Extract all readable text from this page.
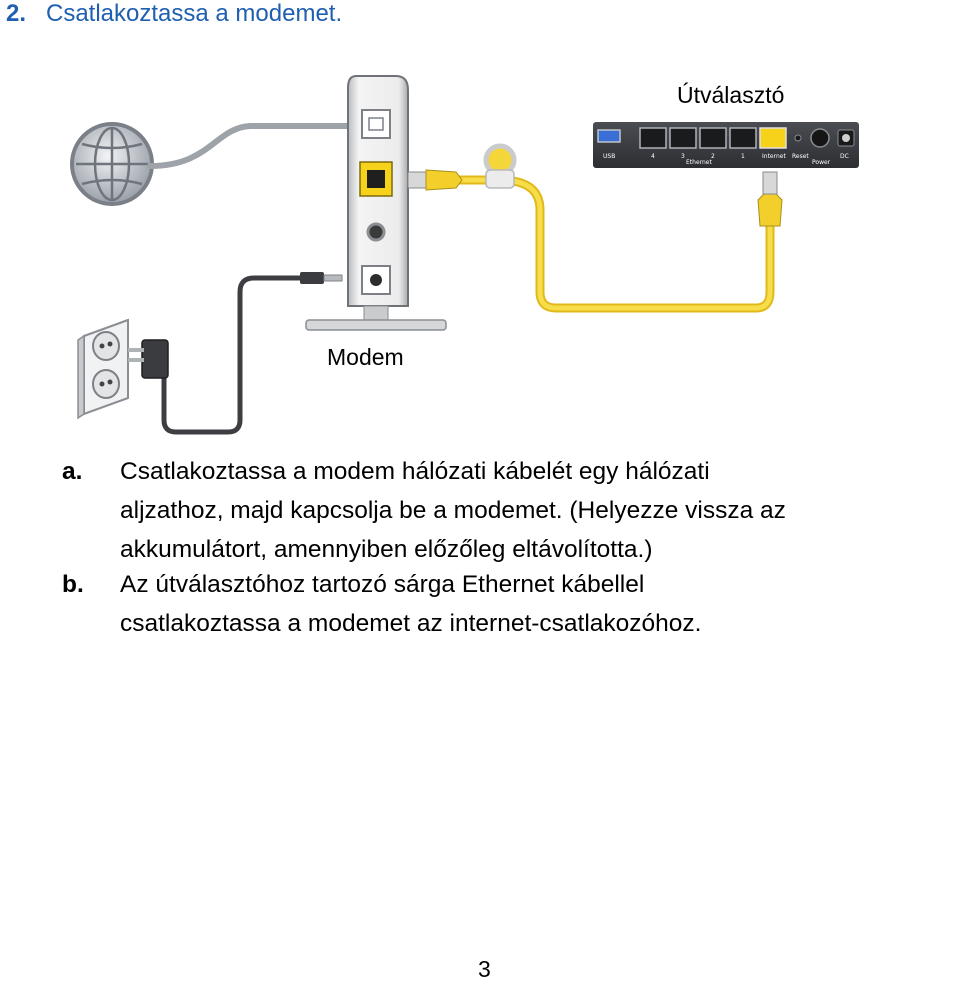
2. Csatlakoztassa a modemet.
USB	4	3	2	1
Ethernet
Internet Reset
Power
DC
Útválasztó
Modem
a. Csatlakoztassa a modem hálózati kábelét egy hálózati
aljzathoz, majd kapcsolja be a modemet. (Helyezze vissza az
akkumulátort, amennyiben előzőleg eltávolította.)
b. Az útválasztóhoz tartozó sárga Ethernet kábellel
csatlakoztassa a modemet az internet-csatlakozóhoz.
3
